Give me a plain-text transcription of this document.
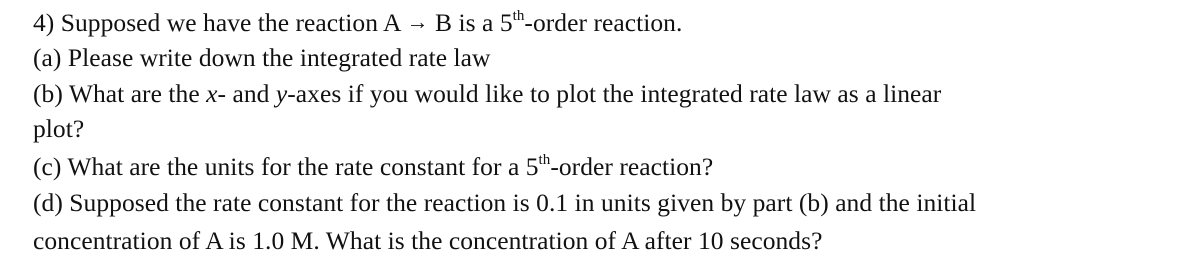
4) Supposed we have the reaction A → B is a 5th-order reaction.
(a) Please write down the integrated rate law
(b) What are the x- and y-axes if you would like to plot the integrated rate law as a linear
plot?
(c) What are the units for the rate constant for a 5th-order reaction?
(d) Supposed the rate constant for the reaction is 0.1 in units given by part (b) and the initial
concentration of A is 1.0 M. What is the concentration of A after 10 seconds?
